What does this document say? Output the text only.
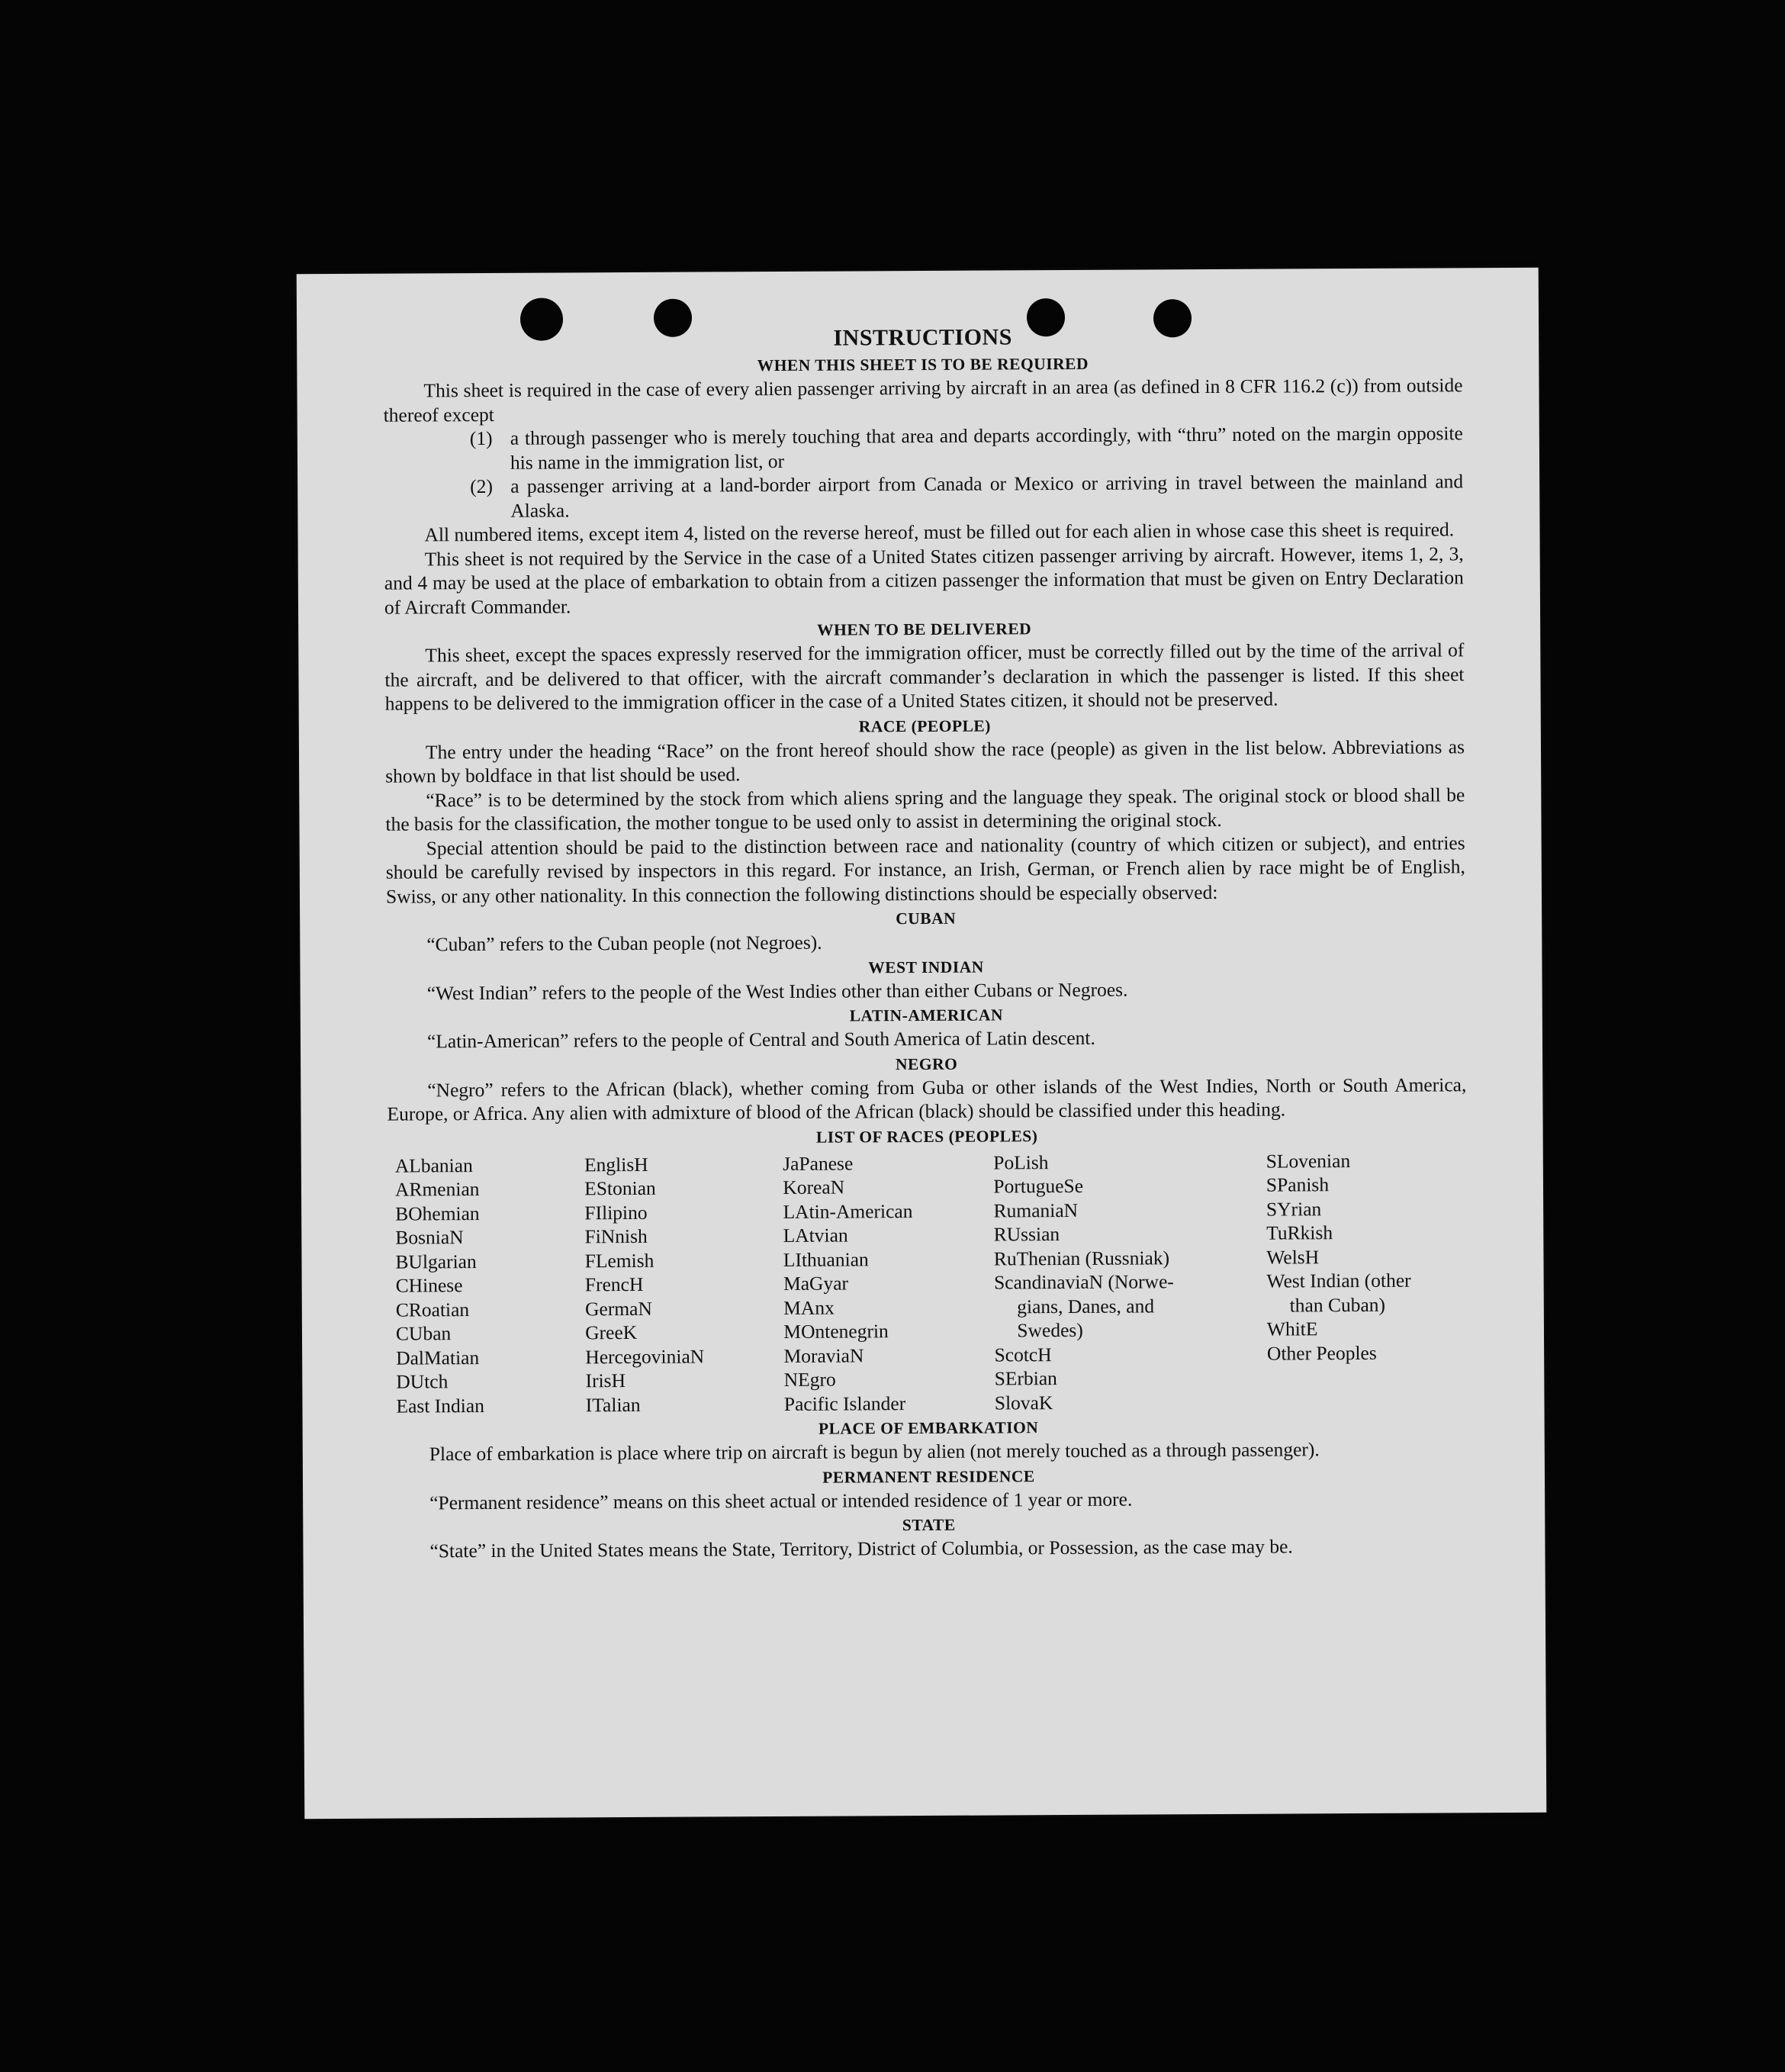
INSTRUCTIONS
WHEN THIS SHEET IS TO BE REQUIRED

This sheet is required in the case of every alien passenger arriving by aircraft in an area (as defined in 8 CFR 116.2 (c)) from outside thereof except

(1) a through passenger who is merely touching that area and departs accordingly, with “thru” noted on the margin opposite his name in the immigration list, or
(2) a passenger arriving at a land-border airport from Canada or Mexico or arriving in travel between the mainland and Alaska.

All numbered items, except item 4, listed on the reverse hereof, must be filled out for each alien in whose case this sheet is required.

This sheet is not required by the Service in the case of a United States citizen passenger arriving by aircraft. However, items 1, 2, 3, and 4 may be used at the place of embarkation to obtain from a citizen passenger the information that must be given on Entry Declaration of Aircraft Commander.

WHEN TO BE DELIVERED

This sheet, except the spaces expressly reserved for the immigration officer, must be correctly filled out by the time of the arrival of the aircraft, and be delivered to that officer, with the aircraft commander’s declaration in which the passenger is listed. If this sheet happens to be delivered to the immigration officer in the case of a United States citizen, it should not be preserved.

RACE (PEOPLE)

The entry under the heading “Race” on the front hereof should show the race (people) as given in the list below. Abbreviations as shown by boldface in that list should be used.

“Race” is to be determined by the stock from which aliens spring and the language they speak. The original stock or blood shall be the basis for the classification, the mother tongue to be used only to assist in determining the original stock.

Special attention should be paid to the distinction between race and nationality (country of which citizen or subject), and entries should be carefully revised by inspectors in this regard. For instance, an Irish, German, or French alien by race might be of English, Swiss, or any other nationality. In this connection the following distinctions should be especially observed:

CUBAN

“Cuban” refers to the Cuban people (not Negroes).

WEST INDIAN

“West Indian” refers to the people of the West Indies other than either Cubans or Negroes.

LATIN-AMERICAN

“Latin-American” refers to the people of Central and South America of Latin descent.

NEGRO

“Negro” refers to the African (black), whether coming from Guba or other islands of the West Indies, North or South America, Europe, or Africa. Any alien with admixture of blood of the African (black) should be classified under this heading.

LIST OF RACES (PEOPLES)
ALbanian
ARmenian
BOhemian
BosniaN
BUlgarian
CHinese
CRoatian
CUban
DalMatian
DUtch
East Indian
EnglisH
EStonian
FIlipino
FiNnish
FLemish
FrencH
GermaN
GreeK
HercegoviniaN
IrisH
ITalian
JaPanese
KoreaN
LAtin-American
LAtvian
LIthuanian
MaGyar
MAnx
MOntenegrin
MoraviaN
NEgro
Pacific Islander
PoLish
PortugueSe
RumaniaN
RUssian
RuThenian (Russniak)
ScandinaviaN (Norwe-
gians, Danes, and
Swedes)
ScotcH
SErbian
SlovaK
SLovenian
SPanish
SYrian
TuRkish
WelsH
West Indian (other
than Cuban)
WhitE
Other Peoples
PLACE OF EMBARKATION

Place of embarkation is place where trip on aircraft is begun by alien (not merely touched as a through passenger).

PERMANENT RESIDENCE

“Permanent residence” means on this sheet actual or intended residence of 1 year or more.

STATE

“State” in the United States means the State, Territory, District of Columbia, or Possession, as the case may be.
